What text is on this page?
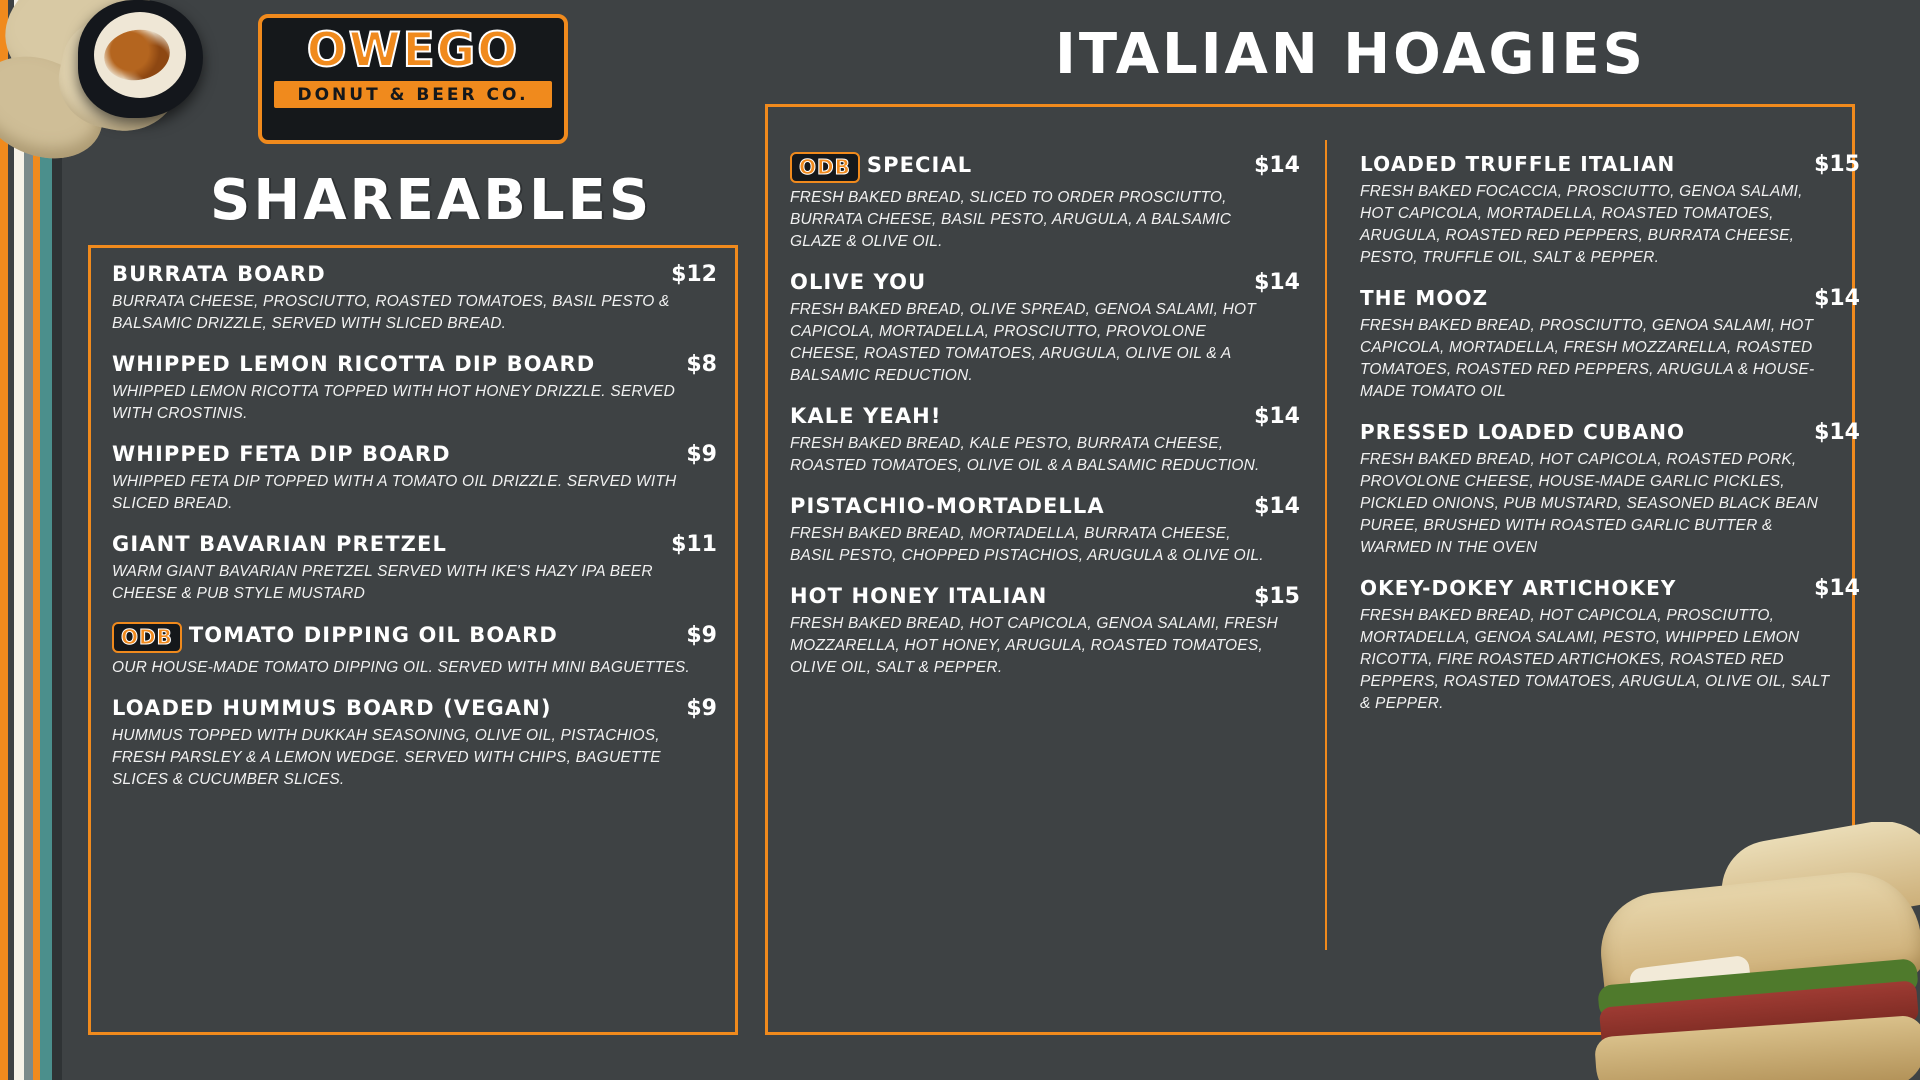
OWEGO
DONUT & BEER CO.
SHAREABLES
ITALIAN HOAGIES
BURRATA BOARD	$12
BURRATA CHEESE, PROSCIUTTO, ROASTED TOMATOES, BASIL PESTO & BALSAMIC DRIZZLE, SERVED WITH SLICED BREAD.
WHIPPED LEMON RICOTTA DIP BOARD	$8
WHIPPED LEMON RICOTTA TOPPED WITH HOT HONEY DRIZZLE. SERVED WITH CROSTINIS.
WHIPPED FETA DIP BOARD	$9
WHIPPED FETA DIP TOPPED WITH A TOMATO OIL DRIZZLE. SERVED WITH SLICED BREAD.
GIANT BAVARIAN PRETZEL	$11
WARM GIANT BAVARIAN PRETZEL SERVED WITH IKE'S HAZY IPA BEER CHEESE & PUB STYLE MUSTARD
ODB TOMATO DIPPING OIL BOARD	$9
OUR HOUSE-MADE TOMATO DIPPING OIL. SERVED WITH MINI BAGUETTES.
LOADED HUMMUS BOARD (VEGAN)	$9
HUMMUS TOPPED WITH DUKKAH SEASONING, OLIVE OIL, PISTACHIOS, FRESH PARSLEY & A LEMON WEDGE. SERVED WITH CHIPS, BAGUETTE SLICES & CUCUMBER SLICES.
ODB SPECIAL	$14
FRESH BAKED BREAD, SLICED TO ORDER PROSCIUTTO, BURRATA CHEESE, BASIL PESTO, ARUGULA, A BALSAMIC GLAZE & OLIVE OIL.
OLIVE YOU	$14
FRESH BAKED BREAD, OLIVE SPREAD, GENOA SALAMI, HOT CAPICOLA, MORTADELLA, PROSCIUTTO, PROVOLONE CHEESE, ROASTED TOMATOES, ARUGULA, OLIVE OIL & A BALSAMIC REDUCTION.
KALE YEAH!	$14
FRESH BAKED BREAD, KALE PESTO, BURRATA CHEESE, ROASTED TOMATOES, OLIVE OIL & A BALSAMIC REDUCTION.
PISTACHIO-MORTADELLA	$14
FRESH BAKED BREAD, MORTADELLA, BURRATA CHEESE, BASIL PESTO, CHOPPED PISTACHIOS, ARUGULA & OLIVE OIL.
HOT HONEY ITALIAN	$15
FRESH BAKED BREAD, HOT CAPICOLA, GENOA SALAMI, FRESH MOZZARELLA, HOT HONEY, ARUGULA, ROASTED TOMATOES, OLIVE OIL, SALT & PEPPER.
LOADED TRUFFLE ITALIAN	$15
FRESH BAKED FOCACCIA, PROSCIUTTO, GENOA SALAMI, HOT CAPICOLA, MORTADELLA, ROASTED TOMATOES, ARUGULA, ROASTED RED PEPPERS, BURRATA CHEESE, PESTO, TRUFFLE OIL, SALT & PEPPER.
THE MOOZ	$14
FRESH BAKED BREAD, PROSCIUTTO, GENOA SALAMI, HOT CAPICOLA, MORTADELLA, FRESH MOZZARELLA, ROASTED TOMATOES, ROASTED RED PEPPERS, ARUGULA & HOUSE-MADE TOMATO OIL
PRESSED LOADED CUBANO	$14
FRESH BAKED BREAD, HOT CAPICOLA, ROASTED PORK, PROVOLONE CHEESE, HOUSE-MADE GARLIC PICKLES, PICKLED ONIONS, PUB MUSTARD, SEASONED BLACK BEAN PUREE, BRUSHED WITH ROASTED GARLIC BUTTER & WARMED IN THE OVEN
OKEY-DOKEY ARTICHOKEY	$14
FRESH BAKED BREAD, HOT CAPICOLA, PROSCIUTTO, MORTADELLA, GENOA SALAMI, PESTO, WHIPPED LEMON RICOTTA, FIRE ROASTED ARTICHOKES, ROASTED RED PEPPERS, ROASTED TOMATOES, ARUGULA, OLIVE OIL, SALT & PEPPER.
